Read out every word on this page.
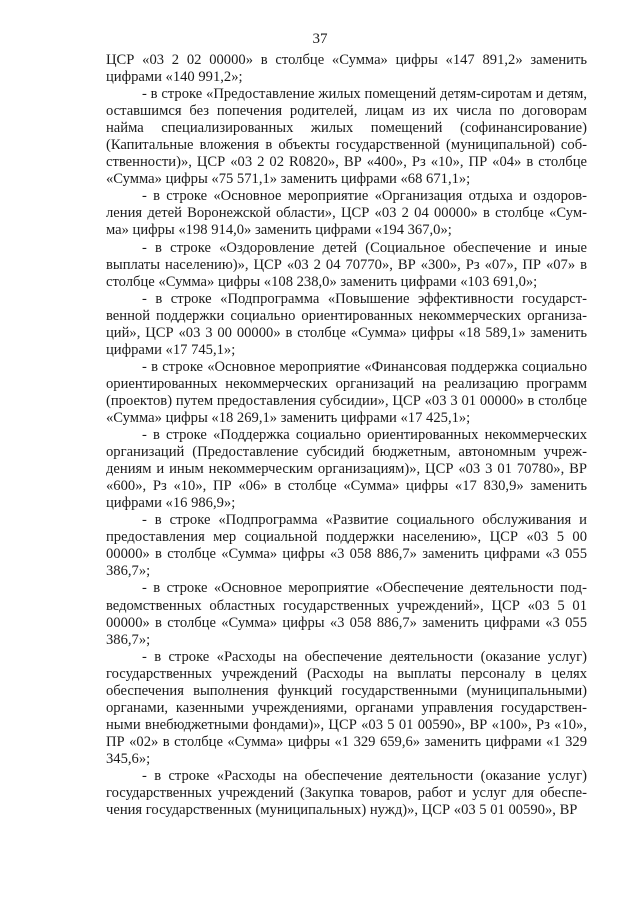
37

ЦСР «03 2 02 00000» в столбце «Сумма» цифры «147 891,2» заменить цифрами «140 991,2»;

- в строке «Предоставление жилых помещений детям-сиротам и детям, оставшимся без попечения родителей, лицам из их числа по договорам найма специализированных жилых помещений (софинансирование) (Капитальные вложения в объекты государственной (муниципальной) собственности)», ЦСР «03 2 02 R0820», ВР «400», Рз «10», ПР «04» в столбце «Сумма» цифры «75 571,1» заменить цифрами «68 671,1»;

- в строке «Основное мероприятие «Организация отдыха и оздоровления детей Воронежской области», ЦСР «03 2 04 00000» в столбце «Сумма» цифры «198 914,0» заменить цифрами «194 367,0»;

- в строке «Оздоровление детей (Социальное обеспечение и иные выплаты населению)», ЦСР «03 2 04 70770», ВР «300», Рз «07», ПР «07» в столбце «Сумма» цифры «108 238,0» заменить цифрами «103 691,0»;

- в строке «Подпрограмма «Повышение эффективности государственной поддержки социально ориентированных некоммерческих организаций», ЦСР «03 3 00 00000» в столбце «Сумма» цифры «18 589,1» заменить цифрами «17 745,1»;

- в строке «Основное мероприятие «Финансовая поддержка социально ориентированных некоммерческих организаций на реализацию программ (проектов) путем предоставления субсидии», ЦСР «03 3 01 00000» в столбце «Сумма» цифры «18 269,1» заменить цифрами «17 425,1»;

- в строке «Поддержка социально ориентированных некоммерческих организаций (Предоставление субсидий бюджетным, автономным учреждениям и иным некоммерческим организациям)», ЦСР «03 3 01 70780», ВР «600», Рз «10», ПР «06» в столбце «Сумма» цифры «17 830,9» заменить цифрами «16 986,9»;

- в строке «Подпрограмма «Развитие социального обслуживания и предоставления мер социальной поддержки населению», ЦСР «03 5 00 00000» в столбце «Сумма» цифры «3 058 886,7» заменить цифрами «3 055 386,7»;

- в строке «Основное мероприятие «Обеспечение деятельности подведомственных областных государственных учреждений», ЦСР «03 5 01 00000» в столбце «Сумма» цифры «3 058 886,7» заменить цифрами «3 055 386,7»;

- в строке «Расходы на обеспечение деятельности (оказание услуг) государственных учреждений (Расходы на выплаты персоналу в целях обеспечения выполнения функций государственными (муниципальными) органами, казенными учреждениями, органами управления государственными внебюджетными фондами)», ЦСР «03 5 01 00590», ВР «100», Рз «10», ПР «02» в столбце «Сумма» цифры «1 329 659,6» заменить цифрами «1 329 345,6»;

- в строке «Расходы на обеспечение деятельности (оказание услуг) государственных учреждений (Закупка товаров, работ и услуг для обеспечения государственных (муниципальных) нужд)», ЦСР «03 5 01 00590», ВР
